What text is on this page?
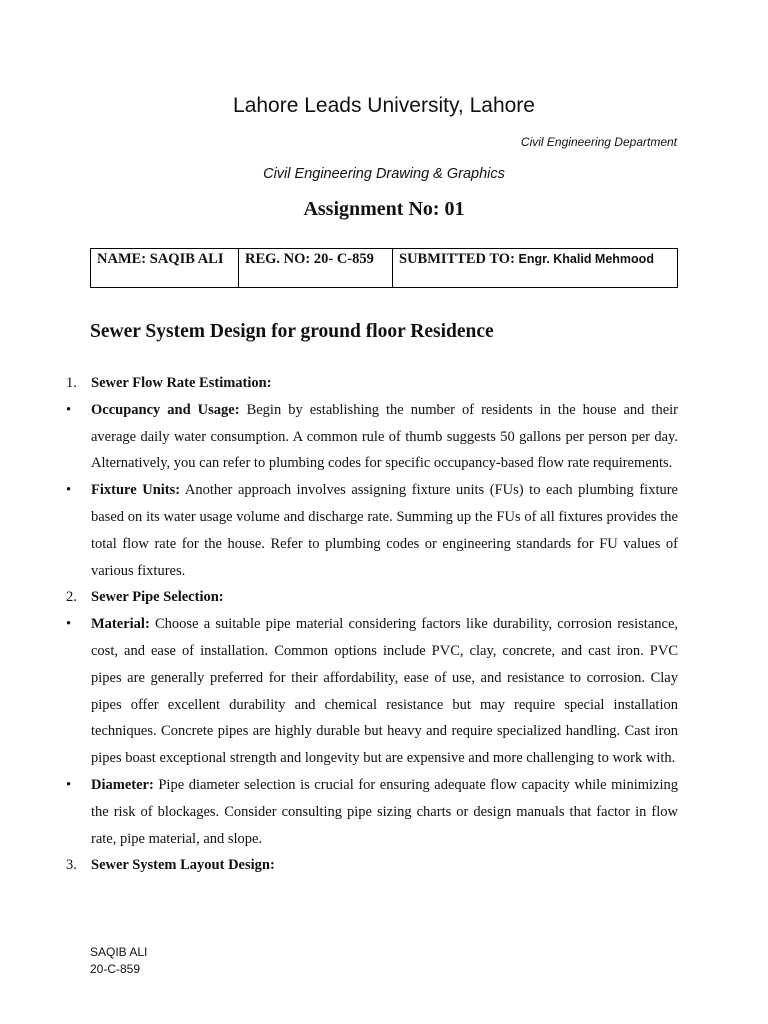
Lahore Leads University, Lahore
Civil Engineering Department
Civil Engineering Drawing & Graphics
Assignment No: 01
NAME: SAQIB ALI	REG. NO: 20- C-859	SUBMITTED TO: Engr. Khalid Mehmood
Sewer System Design for ground floor Residence
1. Sewer Flow Rate Estimation:
• Occupancy and Usage: Begin by establishing the number of residents in the house and their average daily water consumption. A common rule of thumb suggests 50 gallons per person per day. Alternatively, you can refer to plumbing codes for specific occupancy-based flow rate requirements.
• Fixture Units: Another approach involves assigning fixture units (FUs) to each plumbing fixture based on its water usage volume and discharge rate. Summing up the FUs of all fixtures provides the total flow rate for the house. Refer to plumbing codes or engineering standards for FU values of various fixtures.
2. Sewer Pipe Selection:
• Material: Choose a suitable pipe material considering factors like durability, corrosion resistance, cost, and ease of installation. Common options include PVC, clay, concrete, and cast iron. PVC pipes are generally preferred for their affordability, ease of use, and resistance to corrosion. Clay pipes offer excellent durability and chemical resistance but may require special installation techniques. Concrete pipes are highly durable but heavy and require specialized handling. Cast iron pipes boast exceptional strength and longevity but are expensive and more challenging to work with.
• Diameter: Pipe diameter selection is crucial for ensuring adequate flow capacity while minimizing the risk of blockages. Consider consulting pipe sizing charts or design manuals that factor in flow rate, pipe material, and slope.
3. Sewer System Layout Design:
SAQIB ALI
20-C-859
